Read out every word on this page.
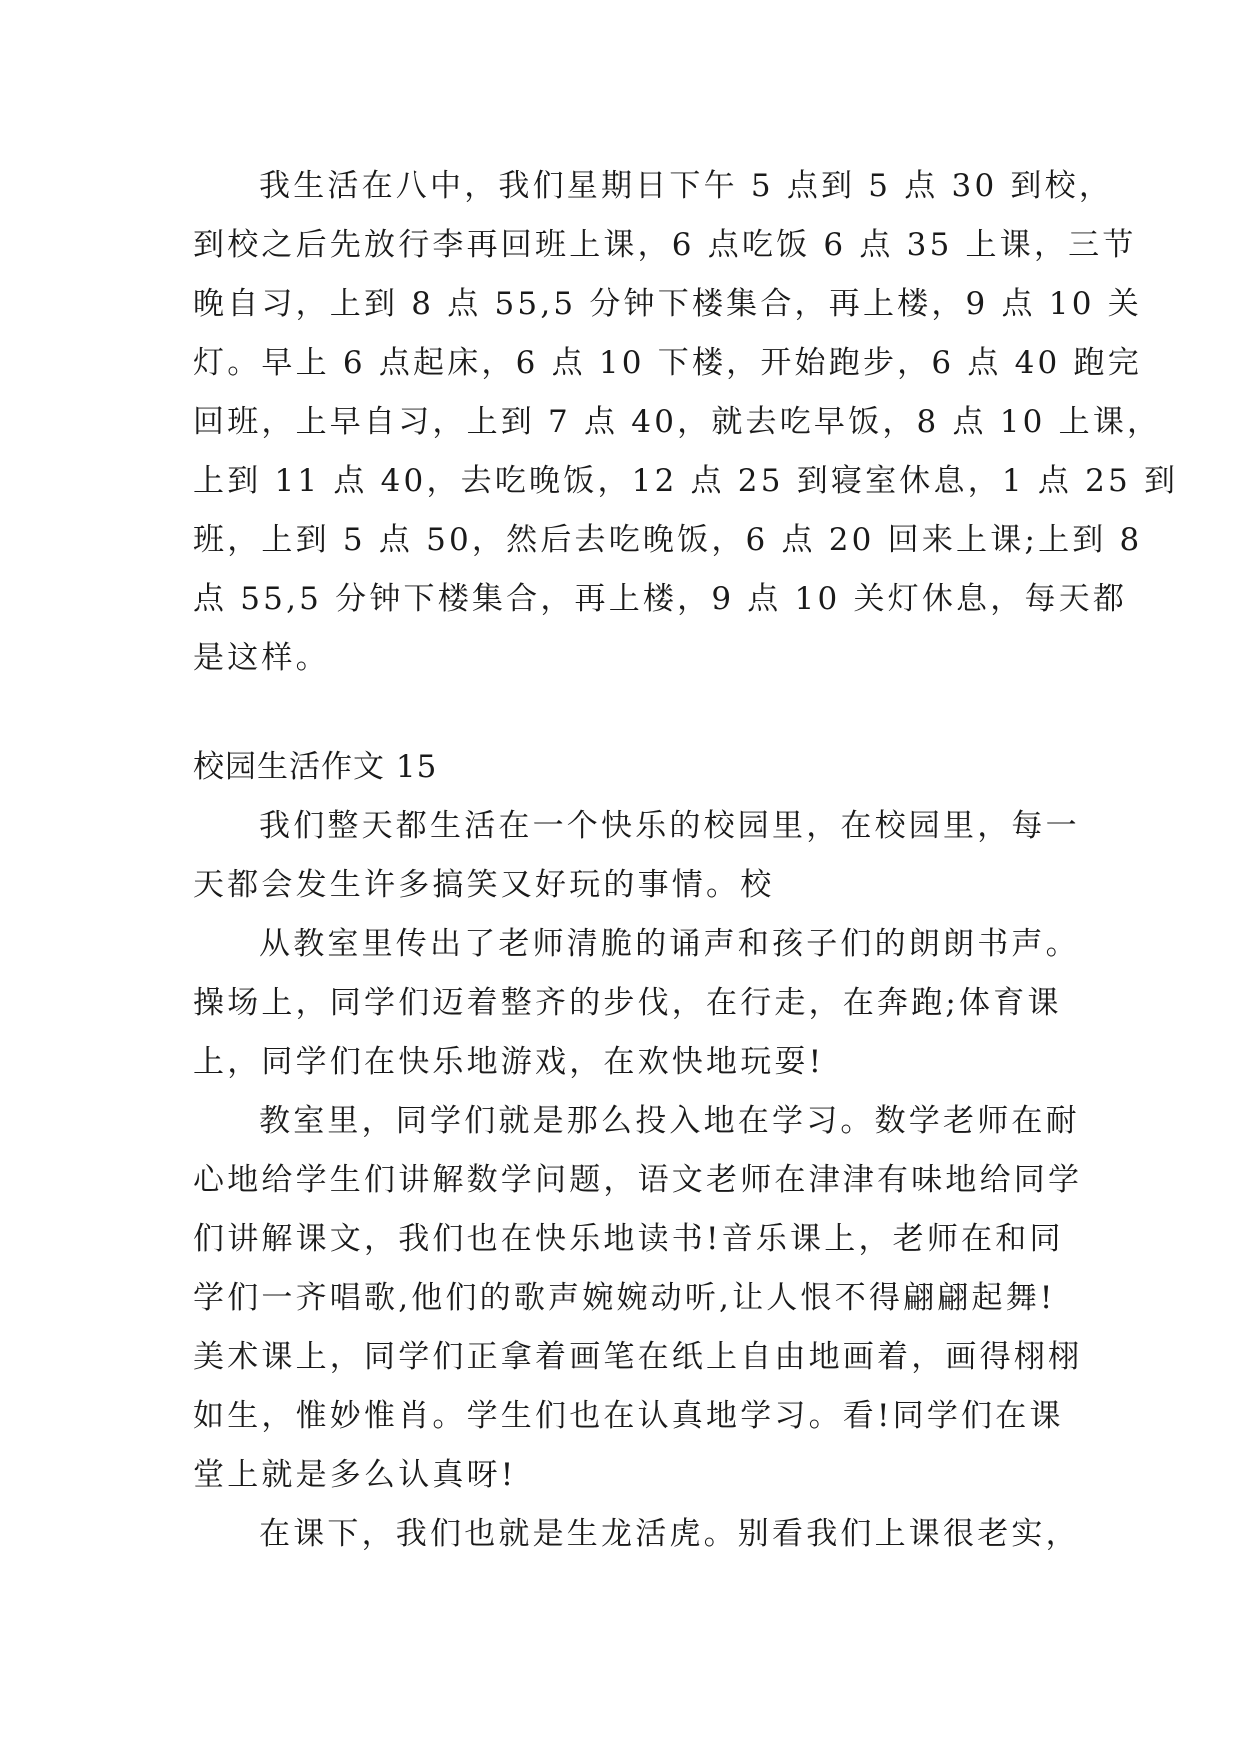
我生活在八中，我们星期日下午 5 点到 5 点 30 到校，
到校之后先放行李再回班上课，6 点吃饭 6 点 35 上课，三节
晚自习，上到 8 点 55,5 分钟下楼集合，再上楼，9 点 10 关
灯。早上 6 点起床，6 点 10 下楼，开始跑步，6 点 40 跑完
回班，上早自习，上到 7 点 40，就去吃早饭，8 点 10 上课，
上到 11 点 40，去吃晚饭，12 点 25 到寝室休息，1 点 25 到
班，上到 5 点 50，然后去吃晚饭，6 点 20 回来上课;上到 8
点 55,5 分钟下楼集合，再上楼，9 点 10 关灯休息，每天都
是这样。
校园生活作文 15
我们整天都生活在一个快乐的校园里，在校园里，每一
天都会发生许多搞笑又好玩的事情。校
从教室里传出了老师清脆的诵声和孩子们的朗朗书声。
操场上，同学们迈着整齐的步伐，在行走，在奔跑;体育课
上，同学们在快乐地游戏，在欢快地玩耍!
教室里，同学们就是那么投入地在学习。数学老师在耐
心地给学生们讲解数学问题，语文老师在津津有味地给同学
们讲解课文，我们也在快乐地读书!音乐课上，老师在和同
学们一齐唱歌,他们的歌声婉婉动听,让人恨不得翩翩起舞!
美术课上，同学们正拿着画笔在纸上自由地画着，画得栩栩
如生，惟妙惟肖。学生们也在认真地学习。看!同学们在课
堂上就是多么认真呀!
在课下，我们也就是生龙活虎。别看我们上课很老实，
